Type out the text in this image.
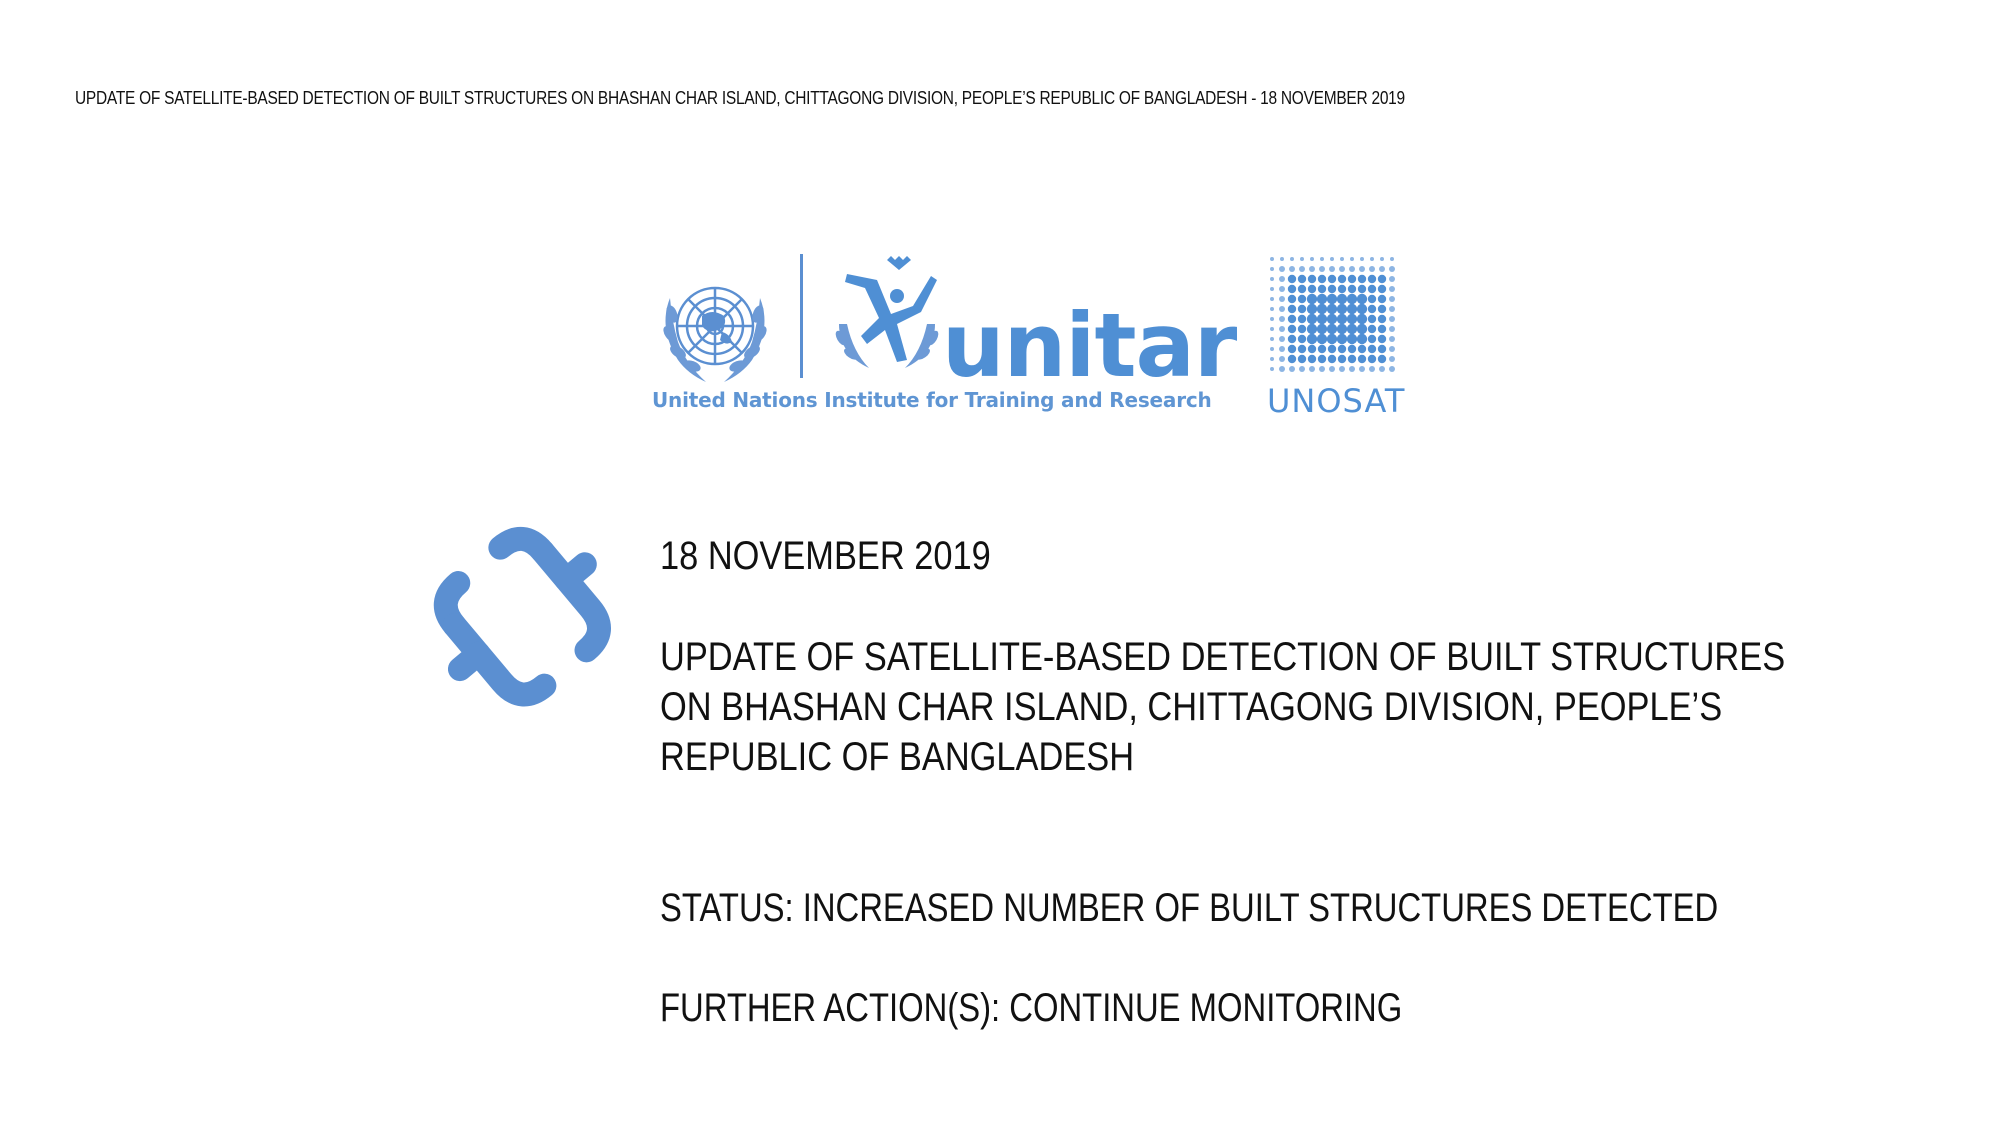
UPDATE OF SATELLITE-BASED DETECTION OF BUILT STRUCTURES ON BHASHAN CHAR ISLAND, CHITTAGONG DIVISION, PEOPLE’S REPUBLIC OF BANGLADESH - 18 NOVEMBER 2019
unitar
United Nations Institute for Training and Research UNOSAT

18 NOVEMBER 2019

UPDATE OF SATELLITE-BASED DETECTION OF BUILT STRUCTURES ON BHASHAN CHAR ISLAND, CHITTAGONG DIVISION, PEOPLE’S REPUBLIC OF BANGLADESH

STATUS: INCREASED NUMBER OF BUILT STRUCTURES DETECTED
FURTHER ACTION(S): CONTINUE MONITORING
